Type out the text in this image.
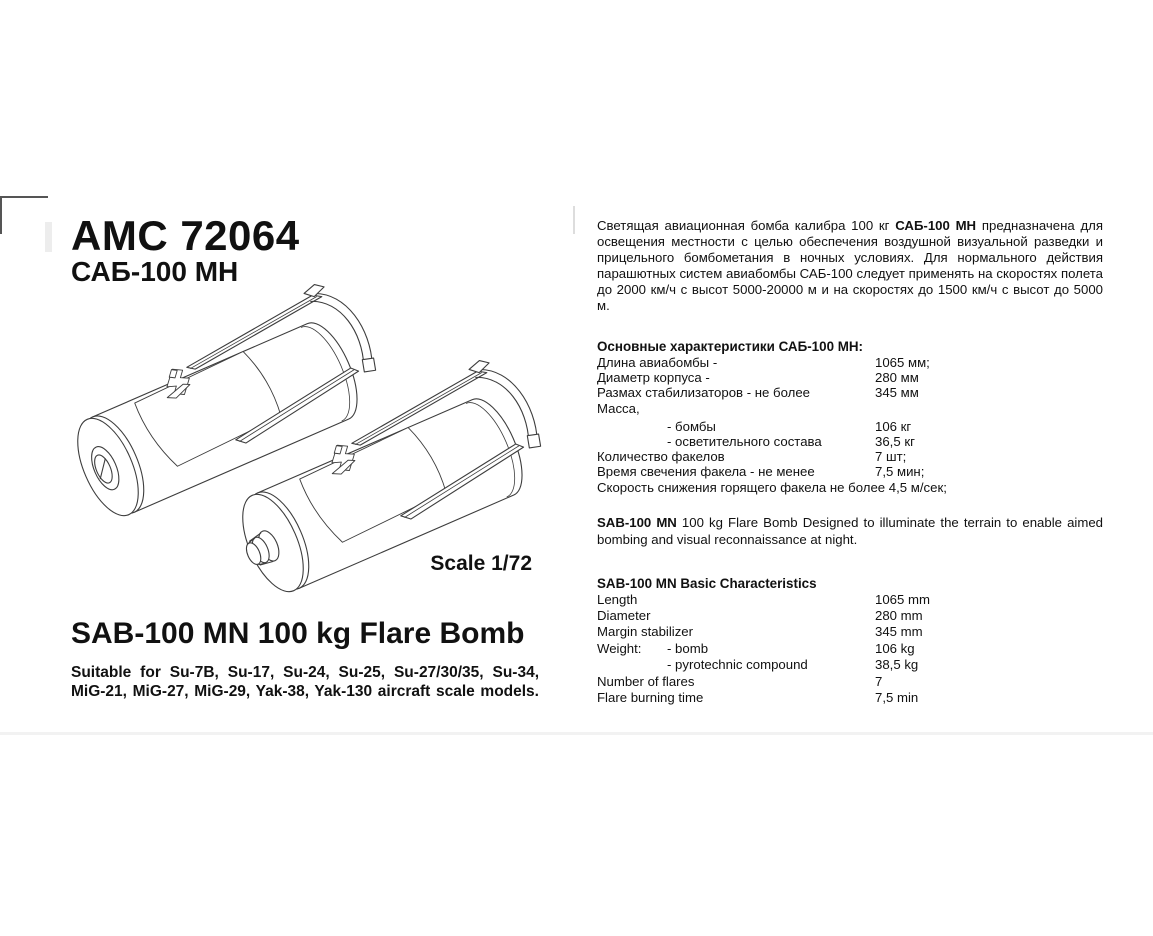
AMC 72064
САБ-100 МН
Scale 1/72
SAB-100 MN 100 kg Flare Bomb
Suitable for Su-7B, Su-17, Su-24, Su-25, Su-27/30/35, Su-34, MiG-21, MiG-27, MiG-29, Yak-38, Yak-130 aircraft scale models.
Светящая авиационная бомба калибра 100 кг САБ-100 МН предназначена для освещения местности с целью обеспечения воздушной визуальной разведки и прицельного бомбометания в ночных условиях. Для нормального действия парашютных систем авиабомбы САБ-100 следует применять на скоростях полета до 2000 км/ч с высот 5000-20000 м и на скоростях до 1500 км/ч с высот до 5000 м.
Основные характеристики САБ-100 МН:
Длина авиабомбы -	1065 мм;
Диаметр корпуса -	280 мм
Размах стабилизаторов - не более	345 мм
Масса,
- бомбы	106 кг
- осветительного состава	36,5 кг
Количество факелов	7 шт;
Время свечения факела - не менее	7,5 мин;
Скорость снижения горящего факела не более 4,5 м/сек;
SAB-100 MN 100 kg Flare Bomb Designed to illuminate the terrain to enable aimed bombing and visual reconnaissance at night.
SAB-100 MN Basic Characteristics
Length	1065 mm
Diameter	280 mm
Margin stabilizer	345 mm
Weight: - bomb	106 kg
- pyrotechnic compound	38,5 kg
Number of flares	7
Flare burning time	7,5 min
